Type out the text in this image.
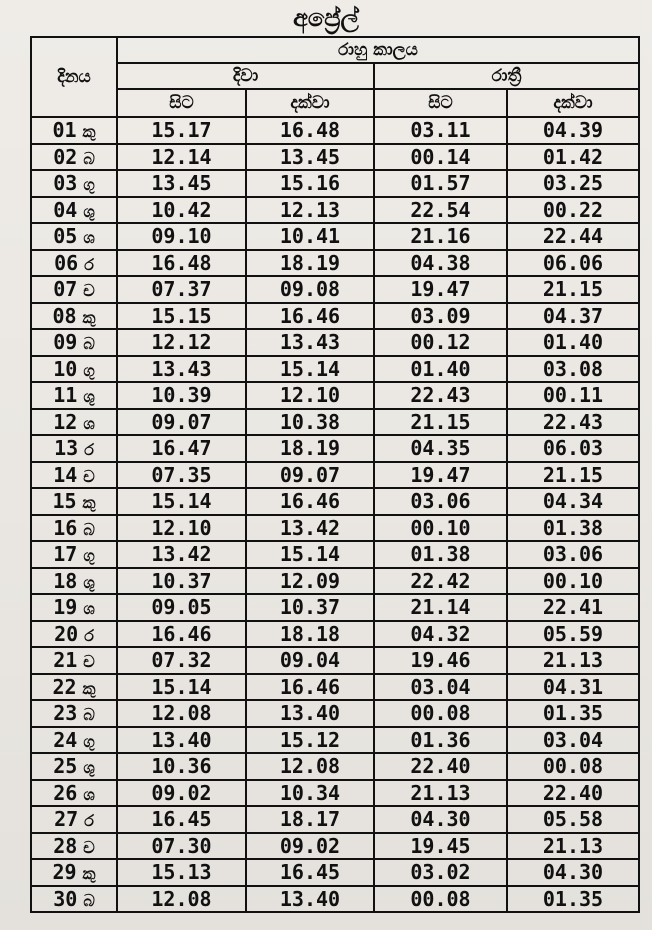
අප්‍රේල්
දිනය	රාහු කාලය			
	දිවා		රාත්‍රී	
	සිට	දක්වා	සිට	දක්වා
01 කු	15.17	16.48	03.11	04.39
02 බ	12.14	13.45	00.14	01.42
03 ගු	13.45	15.16	01.57	03.25
04 ශු	10.42	12.13	22.54	00.22
05 ශ	09.10	10.41	21.16	22.44
06 ර	16.48	18.19	04.38	06.06
07 ච	07.37	09.08	19.47	21.15
08 කු	15.15	16.46	03.09	04.37
09 බ	12.12	13.43	00.12	01.40
10 ගු	13.43	15.14	01.40	03.08
11 ශු	10.39	12.10	22.43	00.11
12 ශ	09.07	10.38	21.15	22.43
13 ර	16.47	18.19	04.35	06.03
14 ච	07.35	09.07	19.47	21.15
15 කු	15.14	16.46	03.06	04.34
16 බ	12.10	13.42	00.10	01.38
17 ගු	13.42	15.14	01.38	03.06
18 ශු	10.37	12.09	22.42	00.10
19 ශ	09.05	10.37	21.14	22.41
20 ර	16.46	18.18	04.32	05.59
21 ච	07.32	09.04	19.46	21.13
22 කු	15.14	16.46	03.04	04.31
23 බ	12.08	13.40	00.08	01.35
24 ගු	13.40	15.12	01.36	03.04
25 ශු	10.36	12.08	22.40	00.08
26 ශ	09.02	10.34	21.13	22.40
27 ර	16.45	18.17	04.30	05.58
28 ච	07.30	09.02	19.45	21.13
29 කු	15.13	16.45	03.02	04.30
30 බ	12.08	13.40	00.08	01.35
